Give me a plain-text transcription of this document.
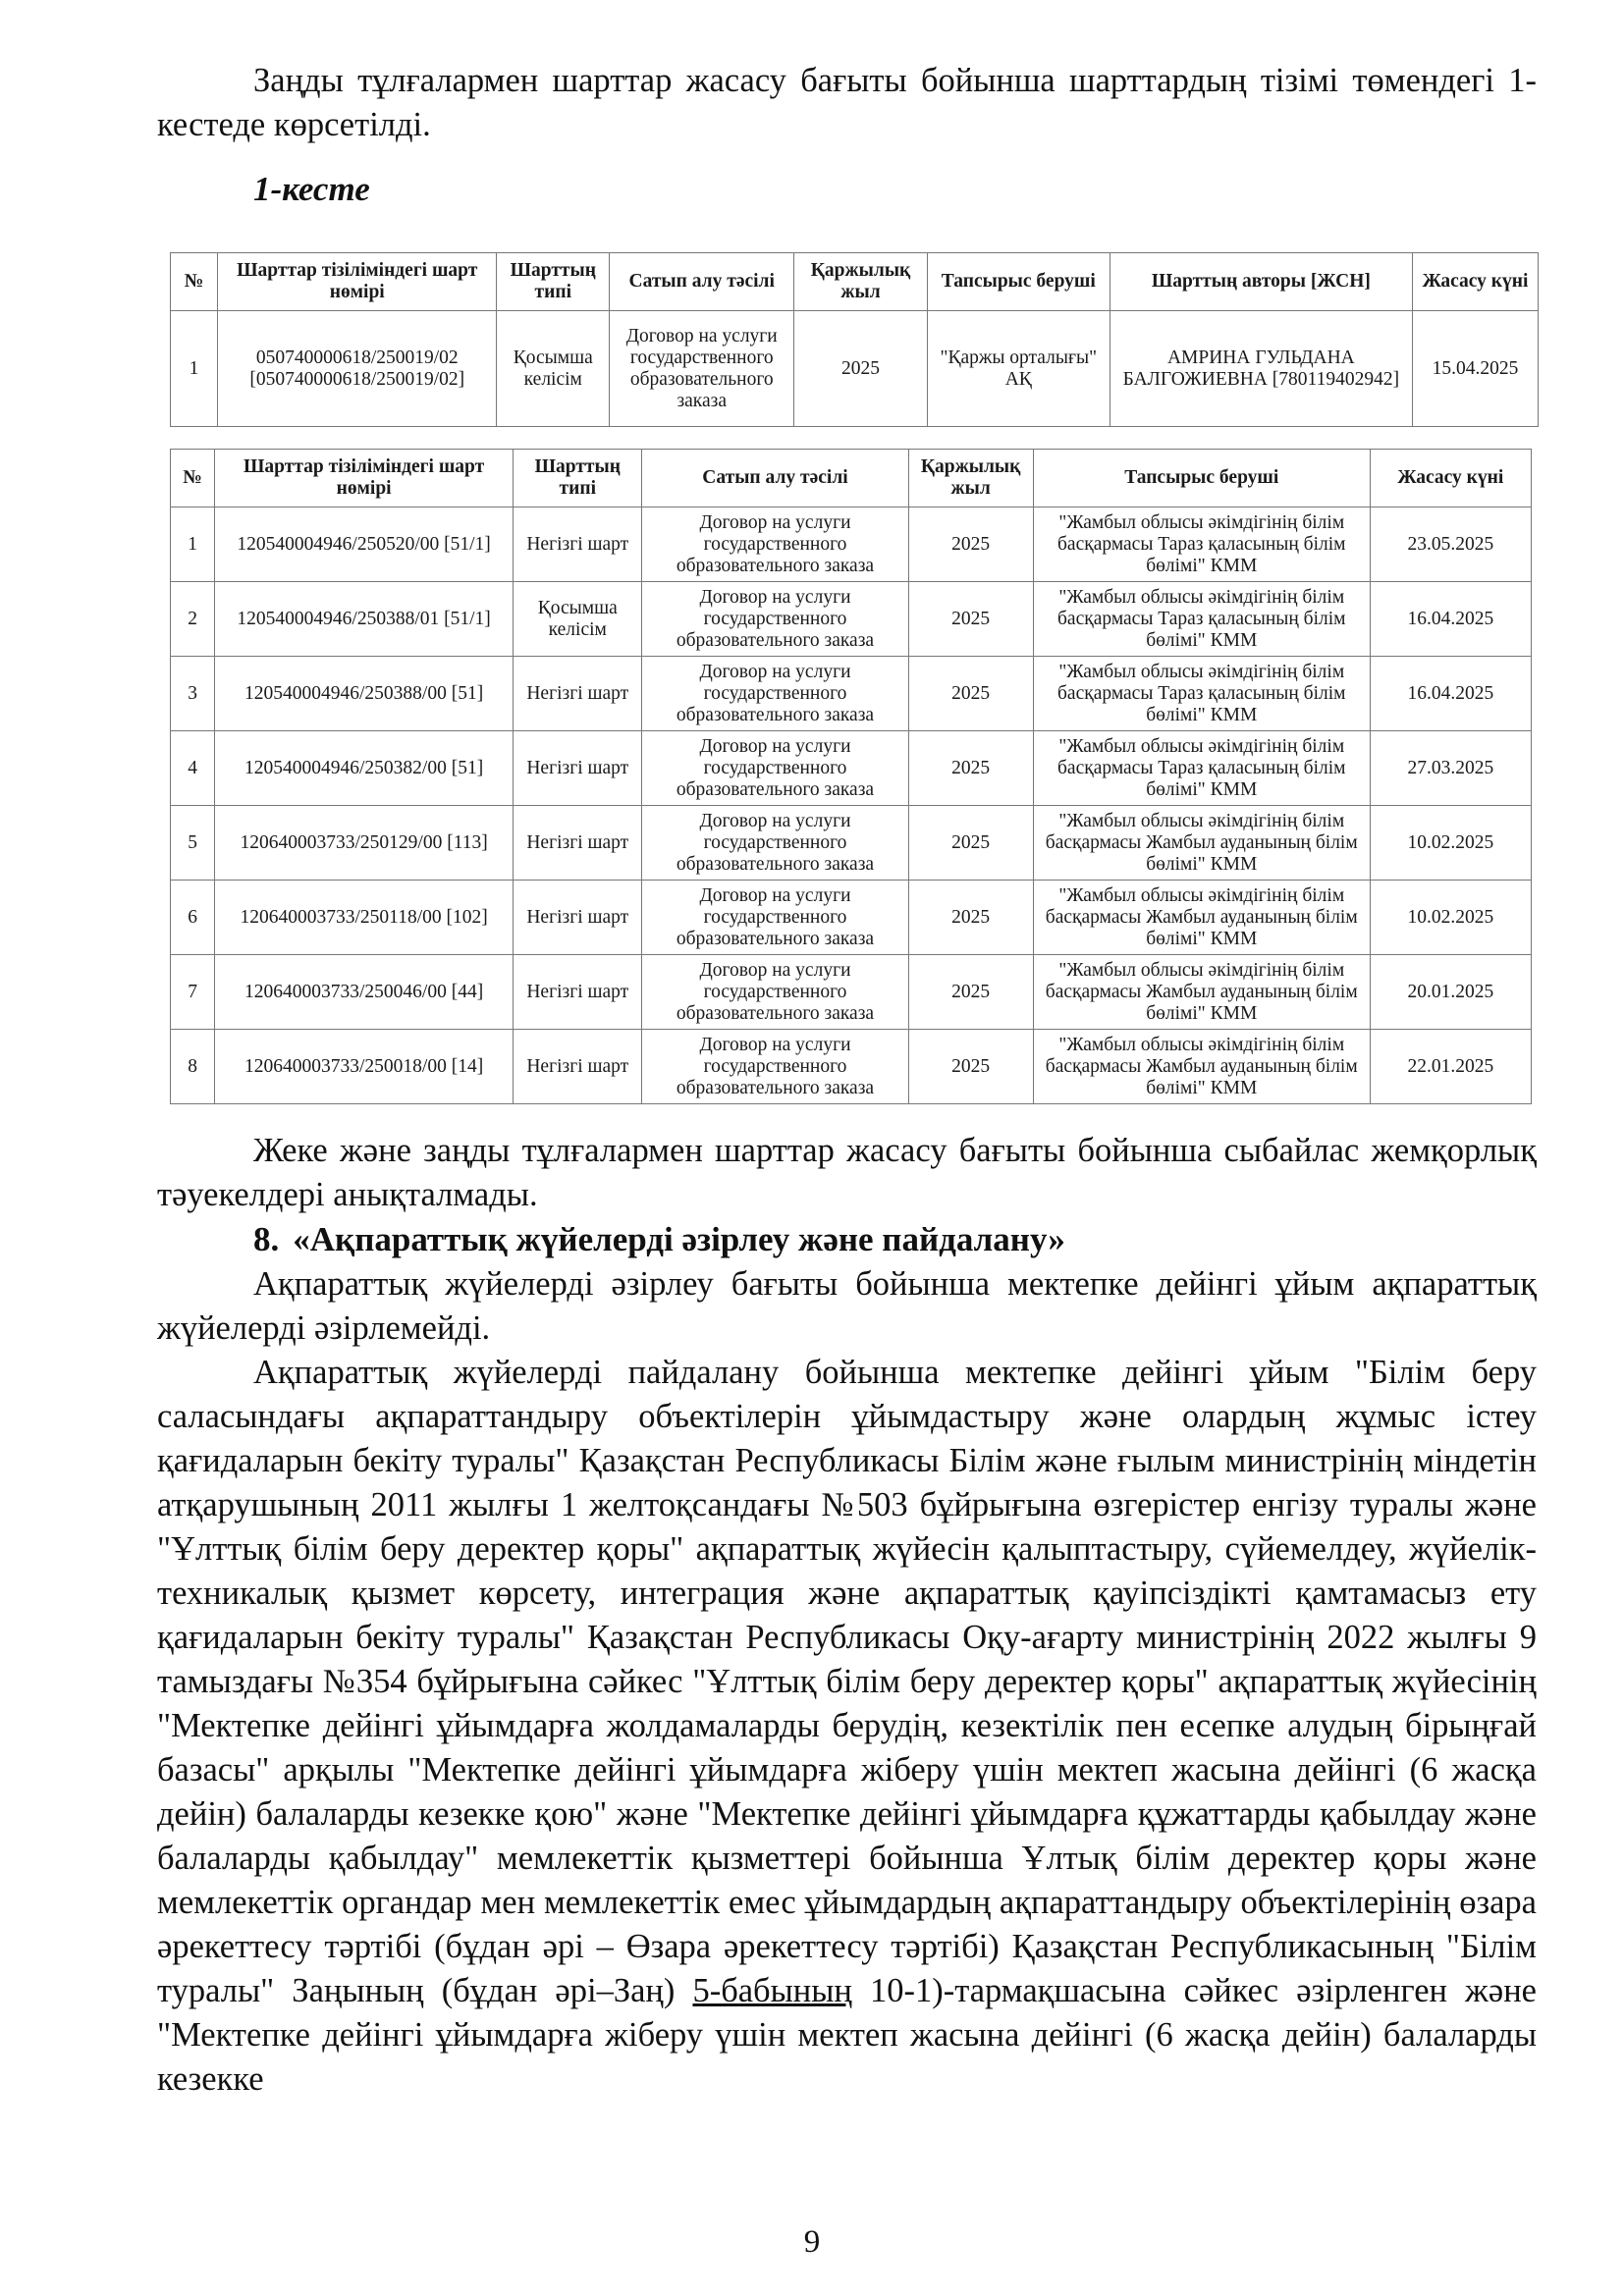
Заңды тұлғалармен шарттар жасасу бағыты бойынша шарттардың тізімі төмендегі 1-кестеде көрсетілді.

1-кесте
№	Шарттар тізіліміндегі шарт нөмірі	Шарттың типі	Сатып алу тәсілі	Қаржылық жыл	Тапсырыс беруші	Шарттың авторы [ЖСН]	Жасасу күні
1	050740000618/250019/02 [050740000618/250019/02]	Қосымша келісім	Договор на услуги государственного образовательного заказа	2025	"Қаржы орталығы" АҚ	АМРИНА ГУЛЬДАНА БАЛГОЖИЕВНА [780119402942]	15.04.2025
№	Шарттар тізіліміндегі шарт нөмірі	Шарттың типі	Сатып алу тәсілі	Қаржылық жыл	Тапсырыс беруші	Жасасу күні
1	120540004946/250520/00 [51/1]	Негізгі шарт	Договор на услуги государственного образовательного заказа	2025	"Жамбыл облысы әкімдігінің білім басқармасы Тараз қаласының білім бөлімі" КММ	23.05.2025
2	120540004946/250388/01 [51/1]	Қосымша келісім	Договор на услуги государственного образовательного заказа	2025	"Жамбыл облысы әкімдігінің білім басқармасы Тараз қаласының білім бөлімі" КММ	16.04.2025
3	120540004946/250388/00 [51]	Негізгі шарт	Договор на услуги государственного образовательного заказа	2025	"Жамбыл облысы әкімдігінің білім басқармасы Тараз қаласының білім бөлімі" КММ	16.04.2025
4	120540004946/250382/00 [51]	Негізгі шарт	Договор на услуги государственного образовательного заказа	2025	"Жамбыл облысы әкімдігінің білім басқармасы Тараз қаласының білім бөлімі" КММ	27.03.2025
5	120640003733/250129/00 [113]	Негізгі шарт	Договор на услуги государственного образовательного заказа	2025	"Жамбыл облысы әкімдігінің білім басқармасы Жамбыл ауданының білім бөлімі" КММ	10.02.2025
6	120640003733/250118/00 [102]	Негізгі шарт	Договор на услуги государственного образовательного заказа	2025	"Жамбыл облысы әкімдігінің білім басқармасы Жамбыл ауданының білім бөлімі" КММ	10.02.2025
7	120640003733/250046/00 [44]	Негізгі шарт	Договор на услуги государственного образовательного заказа	2025	"Жамбыл облысы әкімдігінің білім басқармасы Жамбыл ауданының білім бөлімі" КММ	20.01.2025
8	120640003733/250018/00 [14]	Негізгі шарт	Договор на услуги государственного образовательного заказа	2025	"Жамбыл облысы әкімдігінің білім басқармасы Жамбыл ауданының білім бөлімі" КММ	22.01.2025

Жеке және заңды тұлғалармен шарттар жасасу бағыты бойынша сыбайлас жемқорлық тәуекелдері анықталмады.

8. «Ақпараттық жүйелерді әзірлеу және пайдалану»

Ақпараттық жүйелерді әзірлеу бағыты бойынша мектепке дейінгі ұйым ақпараттық жүйелерді әзірлемейді.

Ақпараттық жүйелерді пайдалану бойынша мектепке дейінгі ұйым "Білім беру саласындағы ақпараттандыру объектілерін ұйымдастыру және олардың жұмыс істеу қағидаларын бекіту туралы" Қазақстан Республикасы Білім және ғылым министрінің міндетін атқарушының 2011 жылғы 1 желтоқсандағы №503 бұйрығына өзгерістер енгізу туралы және "Ұлттық білім беру деректер қоры" ақпараттық жүйесін қалыптастыру, сүйемелдеу, жүйелік-техникалық қызмет көрсету, интеграция және ақпараттық қауіпсіздікті қамтамасыз ету қағидаларын бекіту туралы" Қазақстан Республикасы Оқу-ағарту министрінің 2022 жылғы 9 тамыздағы №354 бұйрығына сәйкес "Ұлттық білім беру деректер қоры" ақпараттық жүйесінің "Мектепке дейінгі ұйымдарға жолдамаларды берудің, кезектілік пен есепке алудың бірыңғай базасы" арқылы "Мектепке дейінгі ұйымдарға жіберу үшін мектеп жасына дейінгі (6 жасқа дейін) балаларды кезекке қою" және "Мектепке дейінгі ұйымдарға құжаттарды қабылдау және балаларды қабылдау" мемлекеттік қызметтері бойынша Ұлтық білім деректер қоры және мемлекеттік органдар мен мемлекеттік емес ұйымдардың ақпараттандыру объектілерінің өзара әрекеттесу тәртібі (бұдан әрі – Өзара әрекеттесу тәртібі) Қазақстан Республикасының "Білім туралы" Заңының (бұдан әрі–Заң) 5-бабының 10-1)-тармақшасына сәйкес әзірленген және "Мектепке дейінгі ұйымдарға жіберу үшін мектеп жасына дейінгі (6 жасқа дейін) балаларды кезекке

9
